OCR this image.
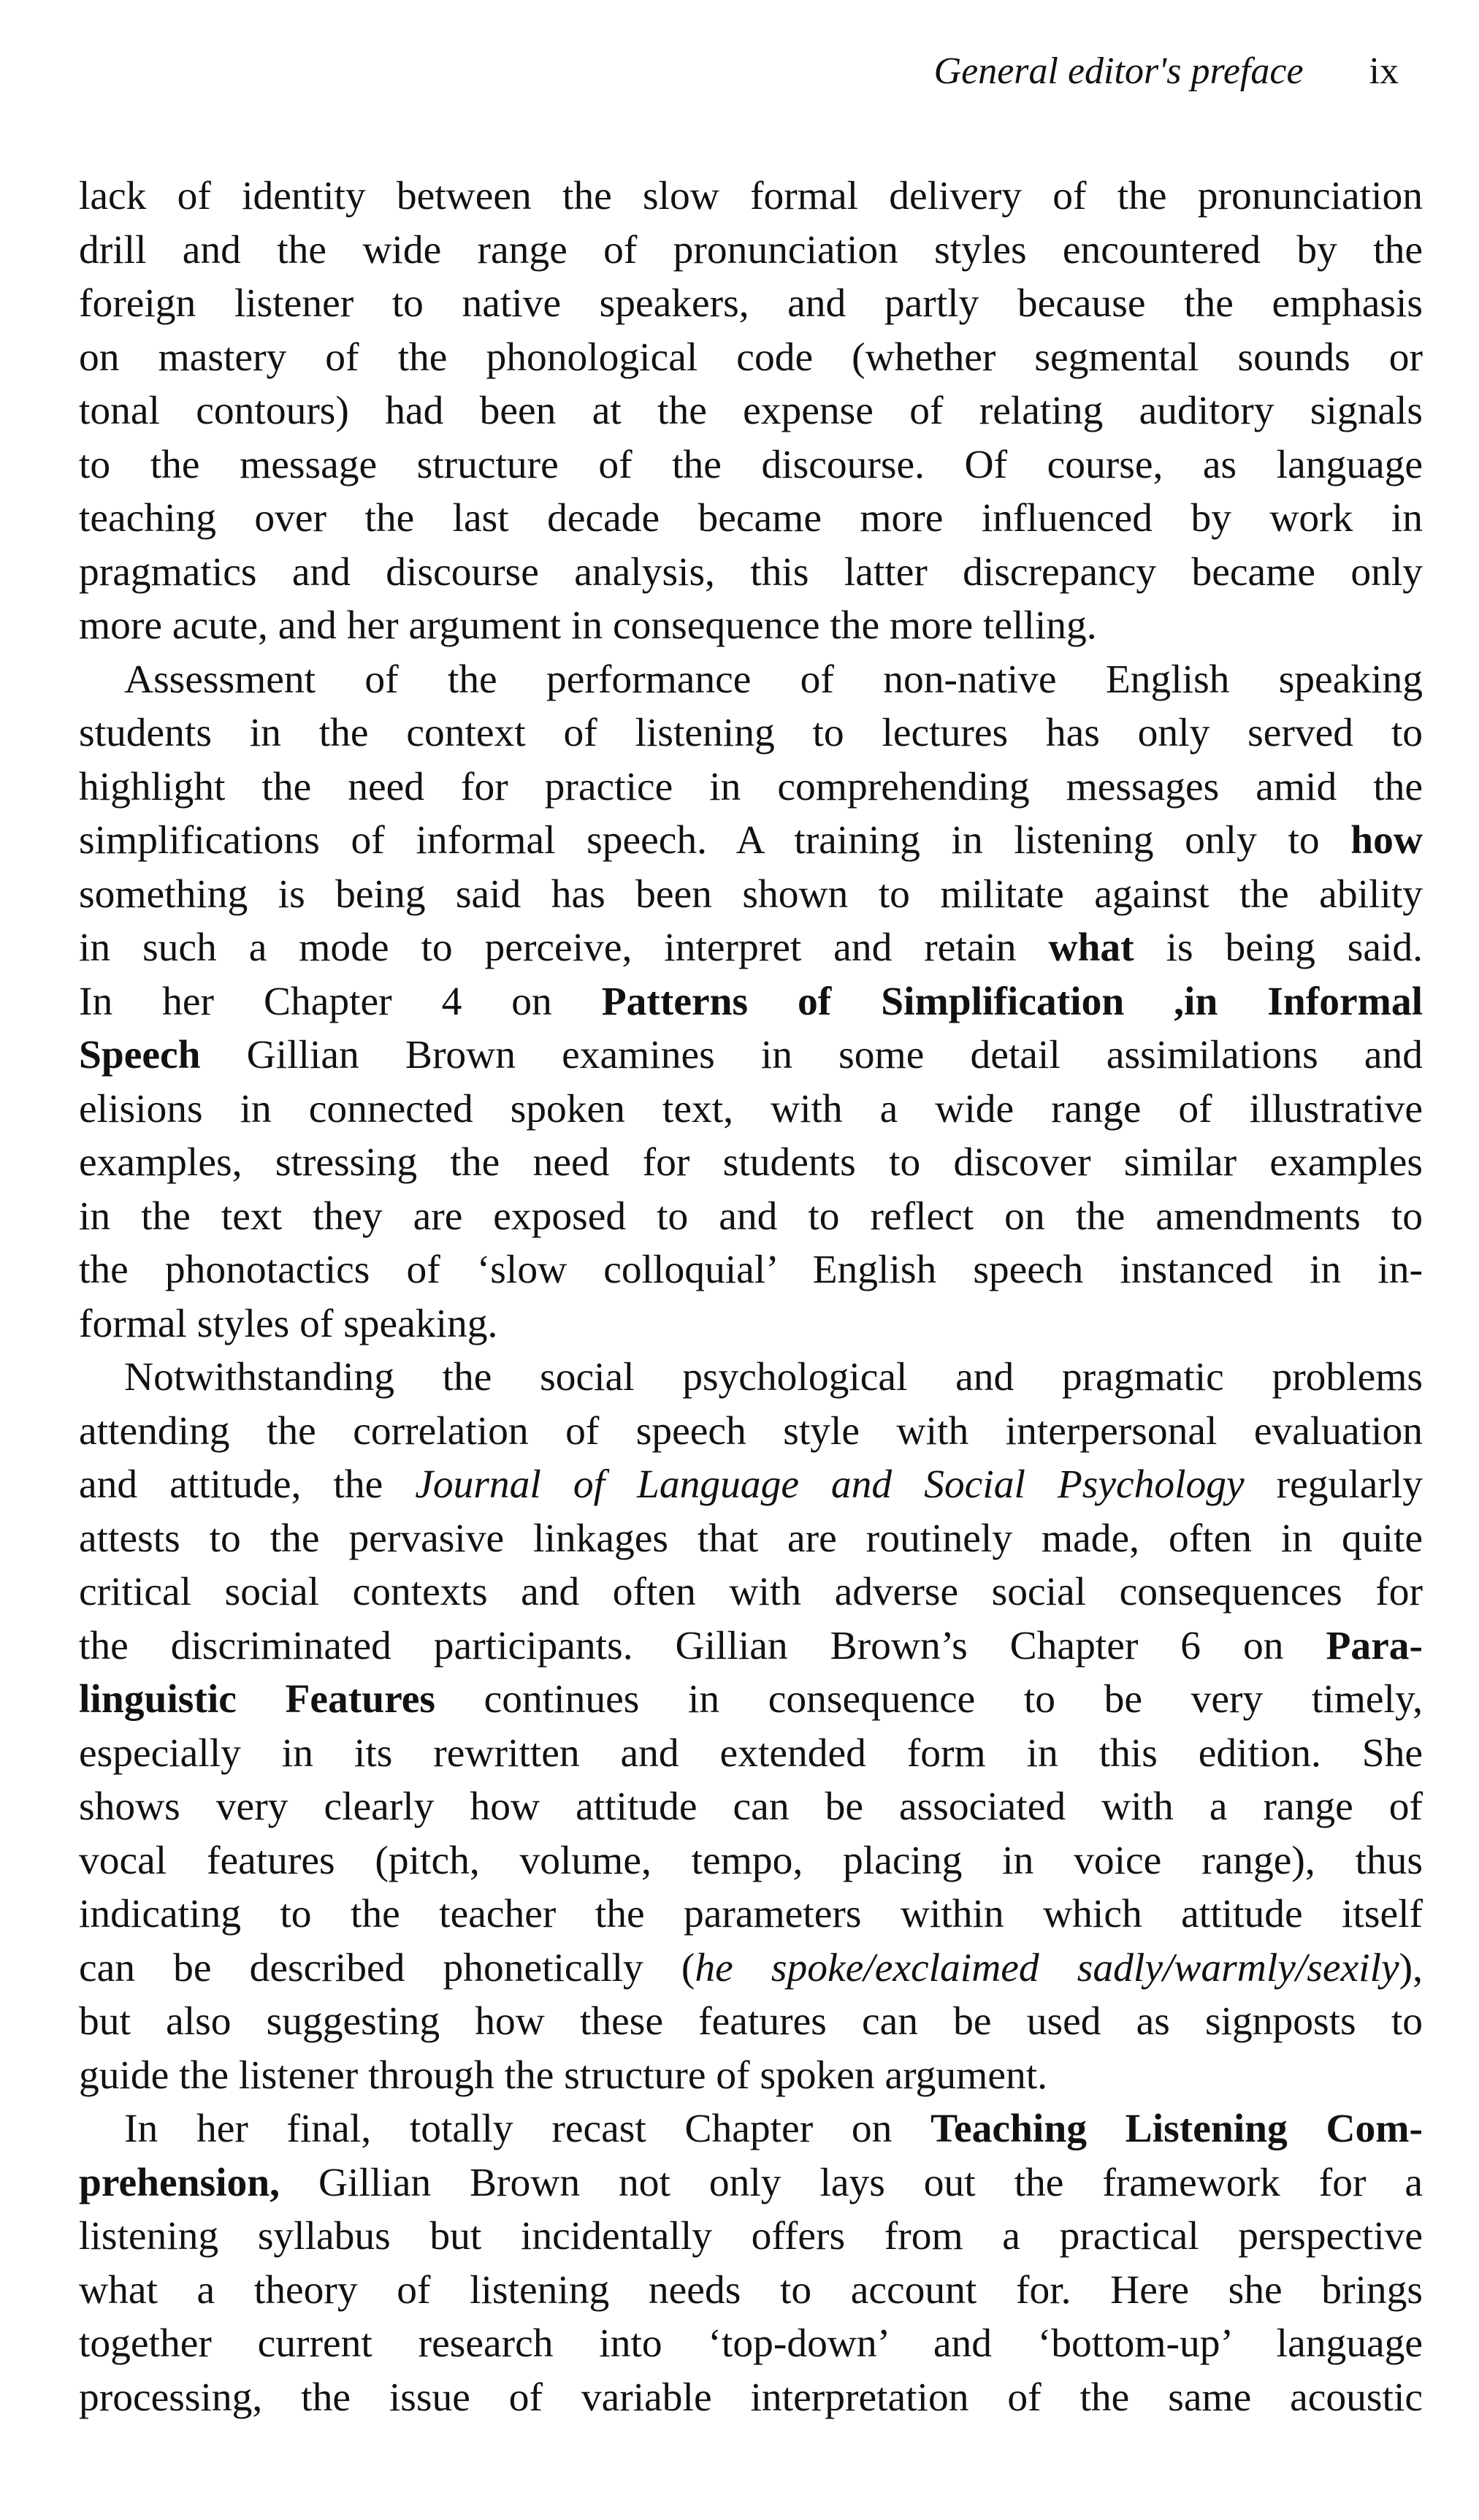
General editor's preface ix
lack of identity between the slow formal delivery of the pronunciation
drill and the wide range of pronunciation styles encountered by the
foreign listener to native speakers, and partly because the emphasis
on mastery of the phonological code (whether segmental sounds or
tonal contours) had been at the expense of relating auditory signals
to the message structure of the discourse. Of course, as language
teaching over the last decade became more influenced by work in
pragmatics and discourse analysis, this latter discrepancy became only
more acute, and her argument in consequence the more telling.
Assessment of the performance of non-native English speaking
students in the context of listening to lectures has only served to
highlight the need for practice in comprehending messages amid the
simplifications of informal speech. A training in listening only to how
something is being said has been shown to militate against the ability
in such a mode to perceive, interpret and retain what is being said.
In her Chapter 4 on Patterns of Simplification ,in Informal
Speech Gillian Brown examines in some detail assimilations and
elisions in connected spoken text, with a wide range of illustrative
examples, stressing the need for students to discover similar examples
in the text they are exposed to and to reflect on the amendments to
the phonotactics of ‘slow colloquial’ English speech instanced in in-
formal styles of speaking.
Notwithstanding the social psychological and pragmatic problems
attending the correlation of speech style with interpersonal evaluation
and attitude, the Journal of Language and Social Psychology regularly
attests to the pervasive linkages that are routinely made, often in quite
critical social contexts and often with adverse social consequences for
the discriminated participants. Gillian Brown’s Chapter 6 on Para-
linguistic Features continues in consequence to be very timely,
especially in its rewritten and extended form in this edition. She
shows very clearly how attitude can be associated with a range of
vocal features (pitch, volume, tempo, placing in voice range), thus
indicating to the teacher the parameters within which attitude itself
can be described phonetically (he spoke/exclaimed sadly/warmly/sexily),
but also suggesting how these features can be used as signposts to
guide the listener through the structure of spoken argument.
In her final, totally recast Chapter on Teaching Listening Com-
prehension, Gillian Brown not only lays out the framework for a
listening syllabus but incidentally offers from a practical perspective
what a theory of listening needs to account for. Here she brings
together current research into ‘top-down’ and ‘bottom-up’ language
processing, the issue of variable interpretation of the same acoustic
